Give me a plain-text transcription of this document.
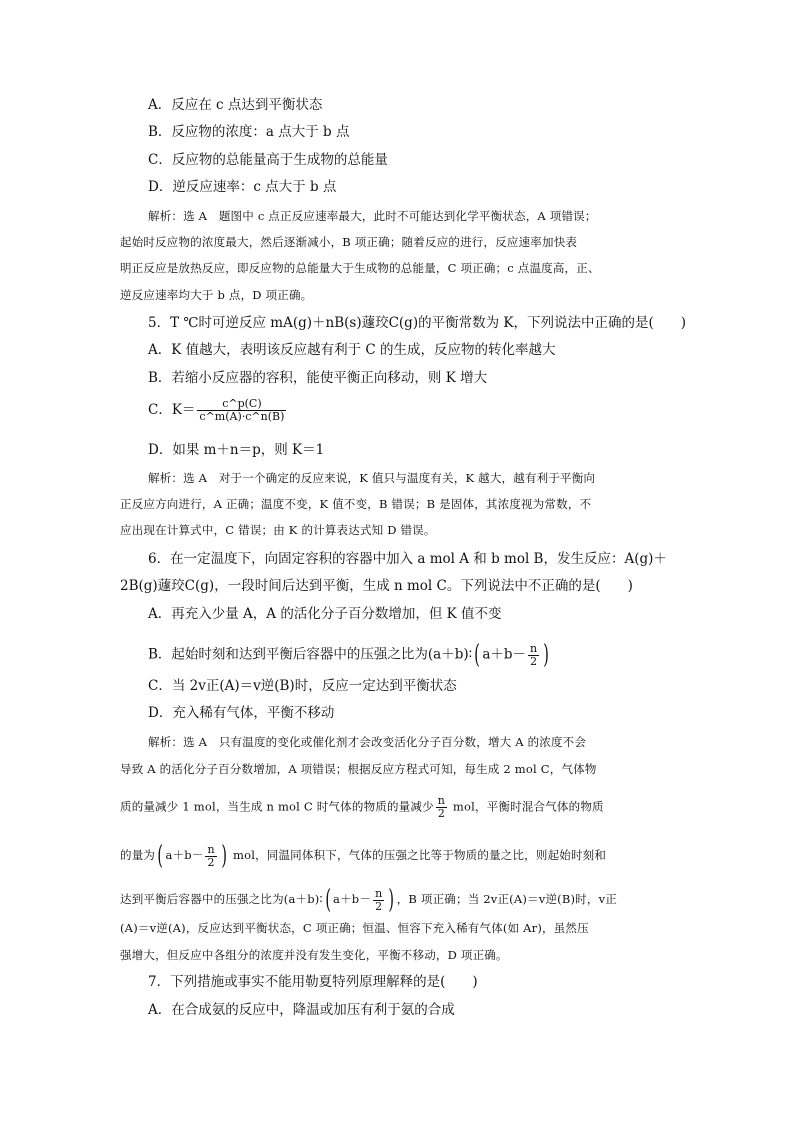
A．反应在 c 点达到平衡状态
B．反应物的浓度：a 点大于 b 点
C．反应物的总能量高于生成物的总能量
D．逆反应速率：c 点大于 b 点
解析：选 A　题图中 c 点正反应速率最大，此时不可能达到化学平衡状态，A 项错误；
起始时反应物的浓度最大，然后逐渐减小，B 项正确；随着反应的进行，反应速率加快表
明正反应是放热反应，即反应物的总能量大于生成物的总能量，C 项正确；c 点温度高，正、
逆反应速率均大于 b 点，D 项正确。
5．T ℃时可逆反应 mA(g)＋nB(s)蘧珓C(g)的平衡常数为 K，下列说法中正确的是(　　)
A．K 值越大，表明该反应越有利于 C 的生成，反应物的转化率越大
B．若缩小反应器的容积，能使平衡正向移动，则 K 增大
C．$K= \frac{c\^{}p(C)}{c\^{}m(A)\cdot c\^{}n(B)}$
D．如果 m＋n＝p，则 K＝1
解析：选 A　对于一个确定的反应来说，K 值只与温度有关，K 越大，越有利于平衡向
正反应方向进行，A 正确；温度不变，K 值不变，B 错误；B 是固体，其浓度视为常数，不
应出现在计算式中，C 错误；由 K 的计算表达式知 D 错误。
6．在一定温度下，向固定容积的容器中加入 a mol A 和 b mol B，发生反应：A(g)＋
2B(g)蘧珓C(g)，一段时间后达到平衡，生成 n mol C。下列说法中不正确的是(　　)
A．再充入少量 A，A 的活化分子百分数增加，但 K 值不变
B．起始时刻和达到平衡后容器中的压强之比为(a＋b)∶( $a+b- \frac{n}{2}$ )
C．当 2v正(A)＝v逆(B)时，反应一定达到平衡状态
D．充入稀有气体，平衡不移动
解析：选 A　只有温度的变化或催化剂才会改变活化分子百分数，增大 A 的浓度不会
导致 A 的活化分子百分数增加，A 项错误；根据反应方程式可知，每生成 2 mol C，气体物
质的量减少 1 mol，当生成 n mol C 时气体的物质的量减少 $\frac{n}{2}$ mol，平衡时混合气体的物质
的量为( $a+b- \frac{n}{2}$ ) mol，同温同体积下，气体的压强之比等于物质的量之比，则起始时刻和
达到平衡后容器中的压强之比为(a＋b)∶( $a+b- \frac{n}{2}$ ) ，B 项正确；当 2v正(A)＝v逆(B)时，v正
(A)＝v逆(A)，反应达到平衡状态，C 项正确；恒温、恒容下充入稀有气体(如 Ar)，虽然压
强增大，但反应中各组分的浓度并没有发生变化，平衡不移动，D 项正确。
7．下列措施或事实不能用勒夏特列原理解释的是(　　)
A．在合成氨的反应中，降温或加压有利于氨的合成
